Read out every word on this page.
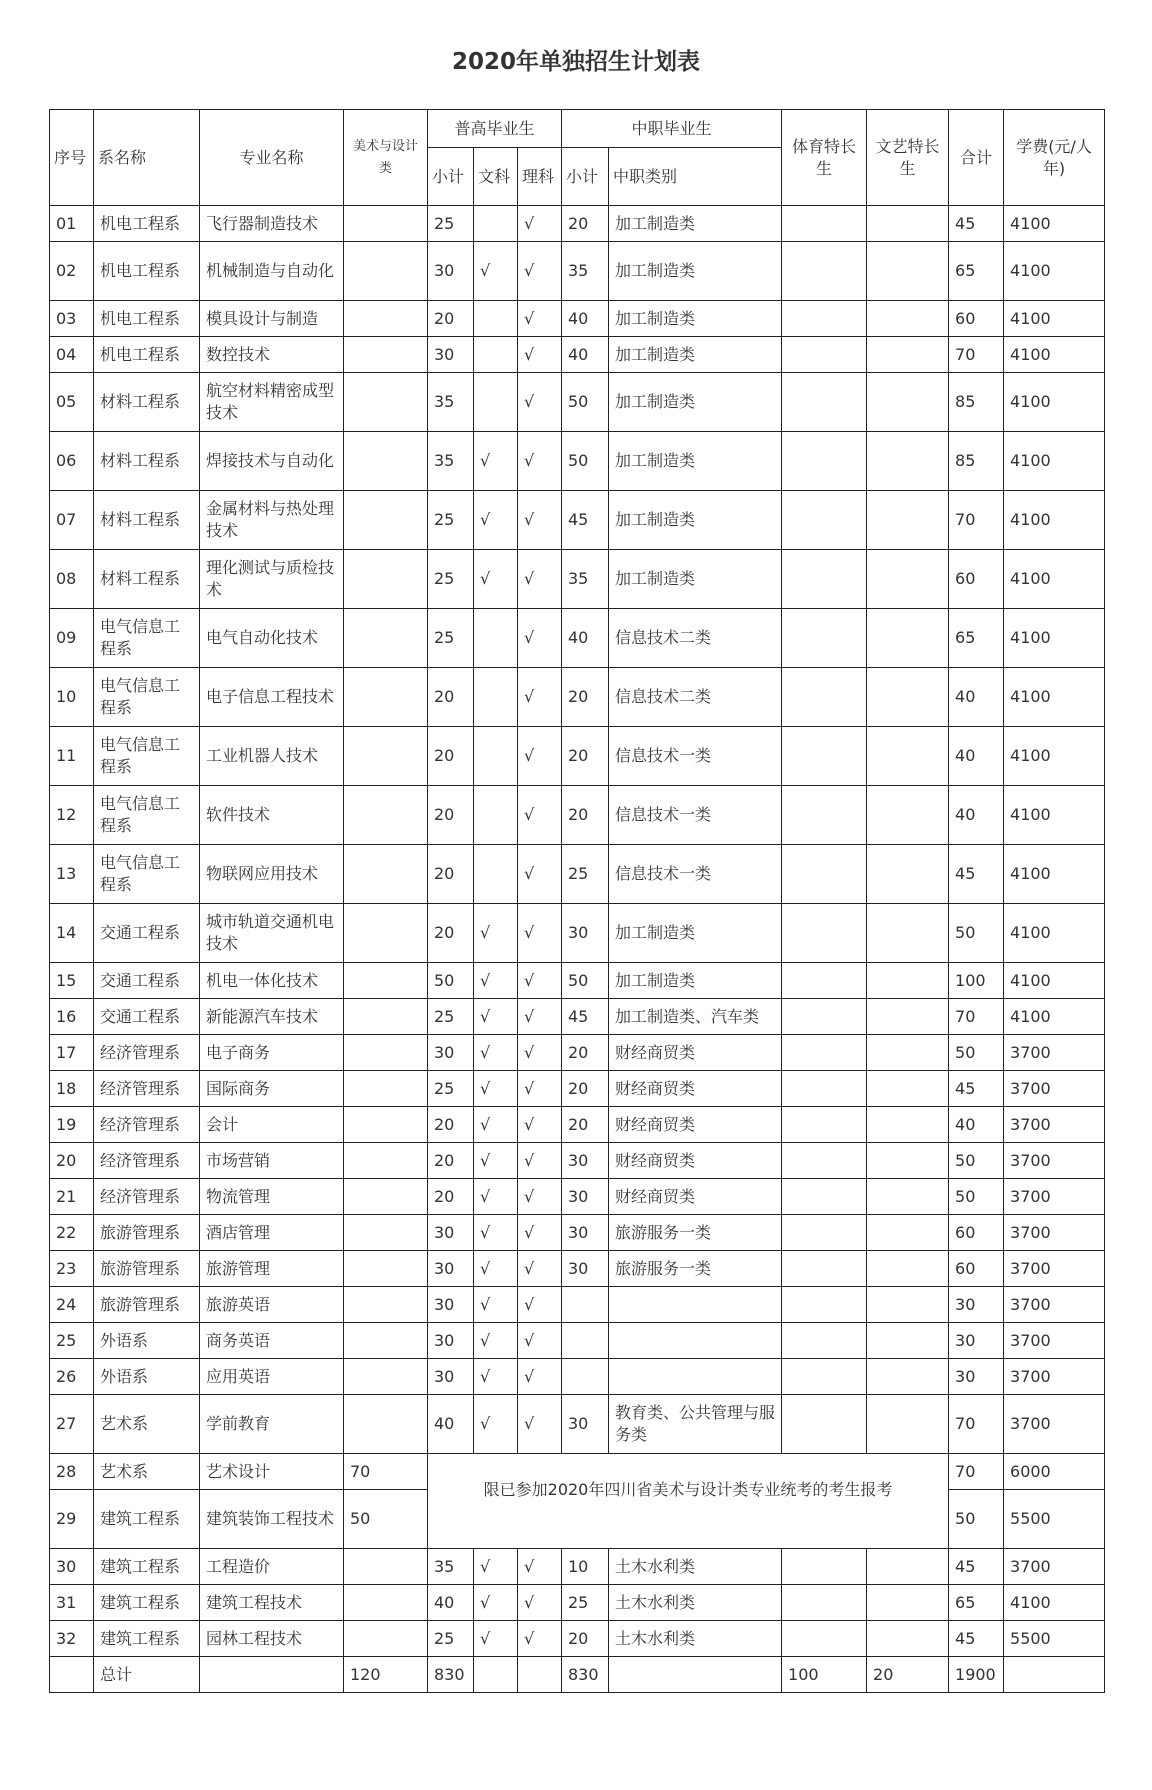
2020年单独招生计划表
序号	系名称	专业名称	美术与设计类	普高毕业生			中职毕业生		体育特长生	文艺特长生	合计	学费(元/人年)
				小计	文科	理科	小计	中职类别				
01	机电工程系	飞行器制造技术		25		√	20	加工制造类			45	4100
02	机电工程系	机械制造与自动化		30	√	√	35	加工制造类			65	4100
03	机电工程系	模具设计与制造		20		√	40	加工制造类			60	4100
04	机电工程系	数控技术		30		√	40	加工制造类			70	4100
05	材料工程系	航空材料精密成型技术		35		√	50	加工制造类			85	4100
06	材料工程系	焊接技术与自动化		35	√	√	50	加工制造类			85	4100
07	材料工程系	金属材料与热处理技术		25	√	√	45	加工制造类			70	4100
08	材料工程系	理化测试与质检技术		25	√	√	35	加工制造类			60	4100
09	电气信息工程系	电气自动化技术		25		√	40	信息技术二类			65	4100
10	电气信息工程系	电子信息工程技术		20		√	20	信息技术二类			40	4100
11	电气信息工程系	工业机器人技术		20		√	20	信息技术一类			40	4100
12	电气信息工程系	软件技术		20		√	20	信息技术一类			40	4100
13	电气信息工程系	物联网应用技术		20		√	25	信息技术一类			45	4100
14	交通工程系	城市轨道交通机电技术		20	√	√	30	加工制造类			50	4100
15	交通工程系	机电一体化技术		50	√	√	50	加工制造类			100	4100
16	交通工程系	新能源汽车技术		25	√	√	45	加工制造类、汽车类			70	4100
17	经济管理系	电子商务		30	√	√	20	财经商贸类			50	3700
18	经济管理系	国际商务		25	√	√	20	财经商贸类			45	3700
19	经济管理系	会计		20	√	√	20	财经商贸类			40	3700
20	经济管理系	市场营销		20	√	√	30	财经商贸类			50	3700
21	经济管理系	物流管理		20	√	√	30	财经商贸类			50	3700
22	旅游管理系	酒店管理		30	√	√	30	旅游服务一类			60	3700
23	旅游管理系	旅游管理		30	√	√	30	旅游服务一类			60	3700
24	旅游管理系	旅游英语		30	√	√					30	3700
25	外语系	商务英语		30	√	√					30	3700
26	外语系	应用英语		30	√	√					30	3700
27	艺术系	学前教育		40	√	√	30	教育类、公共管理与服务类			70	3700
28	艺术系	艺术设计	70	限已参加2020年四川省美术与设计类专业统考的考生报考							70	6000
29	建筑工程系	建筑装饰工程技术	50								50	5500
30	建筑工程系	工程造价		35	√	√	10	土木水利类			45	3700
31	建筑工程系	建筑工程技术		40	√	√	25	土木水利类			65	4100
32	建筑工程系	园林工程技术		25	√	√	20	土木水利类			45	5500
	总计		120	830			830		100	20	1900	
